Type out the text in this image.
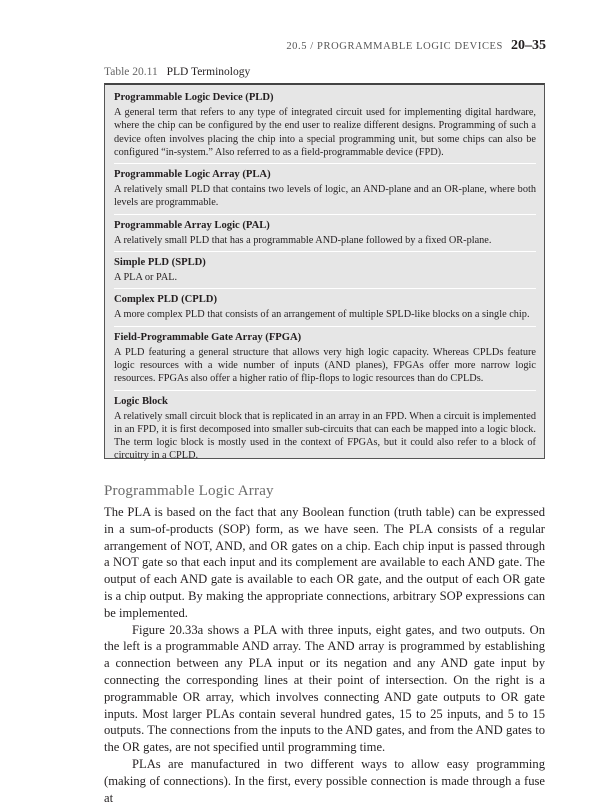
20.5 / PROGRAMMABLE LOGIC DEVICES 20–35
Table 20.11 PLD Terminology
Programmable Logic Device (PLD)
A general term that refers to any type of integrated circuit used for implementing digital hardware, where the chip can be configured by the end user to realize different designs. Programming of such a device often involves placing the chip into a special programming unit, but some chips can also be configured “in-system.” Also referred to as a field-programmable device (FPD).
Programmable Logic Array (PLA)
A relatively small PLD that contains two levels of logic, an AND-plane and an OR-plane, where both levels are programmable.
Programmable Array Logic (PAL)
A relatively small PLD that has a programmable AND-plane followed by a fixed OR-plane.
Simple PLD (SPLD)
A PLA or PAL.
Complex PLD (CPLD)
A more complex PLD that consists of an arrangement of multiple SPLD-like blocks on a single chip.
Field-Programmable Gate Array (FPGA)
A PLD featuring a general structure that allows very high logic capacity. Whereas CPLDs feature logic resources with a wide number of inputs (AND planes), FPGAs offer more narrow logic resources. FPGAs also offer a higher ratio of flip-flops to logic resources than do CPLDs.
Logic Block
A relatively small circuit block that is replicated in an array in an FPD. When a circuit is implemented in an FPD, it is first decomposed into smaller sub-circuits that can each be mapped into a logic block. The term logic block is mostly used in the context of FPGAs, but it could also refer to a block of circuitry in a CPLD.
Programmable Logic Array

The PLA is based on the fact that any Boolean function (truth table) can be expressed in a sum-of-products (SOP) form, as we have seen. The PLA consists of a regular arrangement of NOT, AND, and OR gates on a chip. Each chip input is passed through a NOT gate so that each input and its complement are available to each AND gate. The output of each AND gate is available to each OR gate, and the output of each OR gate is a chip output. By making the appropriate connections, arbitrary SOP expressions can be implemented.

Figure 20.33a shows a PLA with three inputs, eight gates, and two outputs. On the left is a programmable AND array. The AND array is programmed by establishing a connection between any PLA input or its negation and any AND gate input by connecting the corresponding lines at their point of intersection. On the right is a programmable OR array, which involves connecting AND gate outputs to OR gate inputs. Most larger PLAs contain several hundred gates, 15 to 25 inputs, and 5 to 15 outputs. The connections from the inputs to the AND gates, and from the AND gates to the OR gates, are not specified until programming time.

PLAs are manufactured in two different ways to allow easy programming (making of connections). In the first, every possible connection is made through a fuse at
